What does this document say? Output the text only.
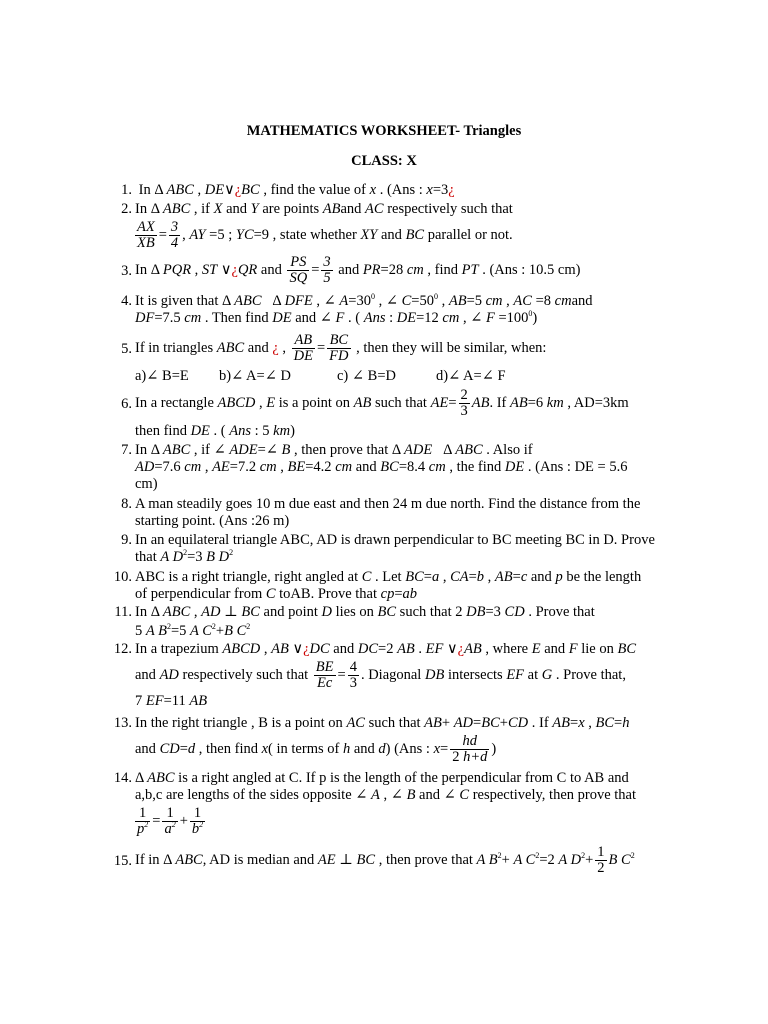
MATHEMATICS WORKSHEET- Triangles
CLASS: X
1. In Δ ABC , DE∨¿BC , find the value of x . (Ans : x=3¿
2. In Δ ABC , if X and Y are points ABand AC respectively such that
$\frac{AX}{XB} = \frac{3}{4}$ , AY =5 ; YC=9 , state whether XY and BC parallel or not.
3. In Δ PQR , ST ∨¿QR and $\frac{PS}{SQ} = \frac{3}{5}$ and PR=28 cm , find PT . (Ans : 10.5 cm)
4. It is given that Δ ABC   Δ DFE , ∠ $A=30^0$ , ∠ $C=50^0$ , AB=5 cm , AC =8 cmand
DF=7.5 cm . Then find DE and ∠ F . ( Ans : DE=12 cm , ∠ $F =100^0$)
5. If in triangles ABC and ¿ , $\frac{AB}{DE} = \frac{BC}{FD}$ , then they will be similar, when:
a)∠ B=E b)∠ A=∠ D	c) ∠ B=D	d)∠ A=∠ F
6. In a rectangle ABCD , E is a point on AB such that $AE= \frac{2}{3}$ AB. If AB=6 km , AD=3km
then find DE . ( Ans : 5 km)
7. In Δ ABC , if ∠ ADE=∠ B , then prove that Δ ADE   Δ ABC . Also if
AD=7.6 cm , AE=7.2 cm , BE=4.2 cm and BC=8.4 cm , the find DE . (Ans : DE = 5.6
cm)
8. A man steadily goes 10 m due east and then 24 m due north. Find the distance from the starting point. (Ans :26 m)
9. In an equilateral triangle ABC, AD is drawn perpendicular to BC meeting BC in D. Prove
that A $D^2=3$ B $D^2$
10. ABC is a right triangle, right angled at C . Let BC=a , CA=b , AB=c and p be the length
of perpendicular from C toAB. Prove that cp=ab
11. In Δ ABC , AD ⊥ BC and point D lies on BC such that 2 DB=3 CD . Prove that
5 A $B^2=5$ A $C^2+B$ $C^2$
12. In a trapezium ABCD , AB ∨¿DC and DC=2 AB . EF ∨¿AB , where E and F lie on BC
and AD respectively such that $\frac{BE}{Ec} = \frac{4}{3}$ . Diagonal DB intersects EF at G . Prove that,
7 EF=11 AB
13. In the right triangle , B is a point on AC such that AB+ AD=BC+CD . If AB=x , BC=h
and CD=d , then find x( in terms of h and d) (Ans : $x= \frac{hd}{2 h+d}$ )
14. Δ ABC is a right angled at C. If p is the length of the perpendicular from C to AB and
a,b,c are lengths of the sides opposite ∠ A , ∠ B and ∠ C respectively, then prove that
$\frac{1}{p^2} = \frac{1}{a^2} + \frac{1}{b^2}$
15. If in Δ ABC, AD is median and AE ⊥ BC , then prove that A $B^2+ A$ $C^2=2$ A $D^2+ \frac{1}{2}$ B $C^2$
